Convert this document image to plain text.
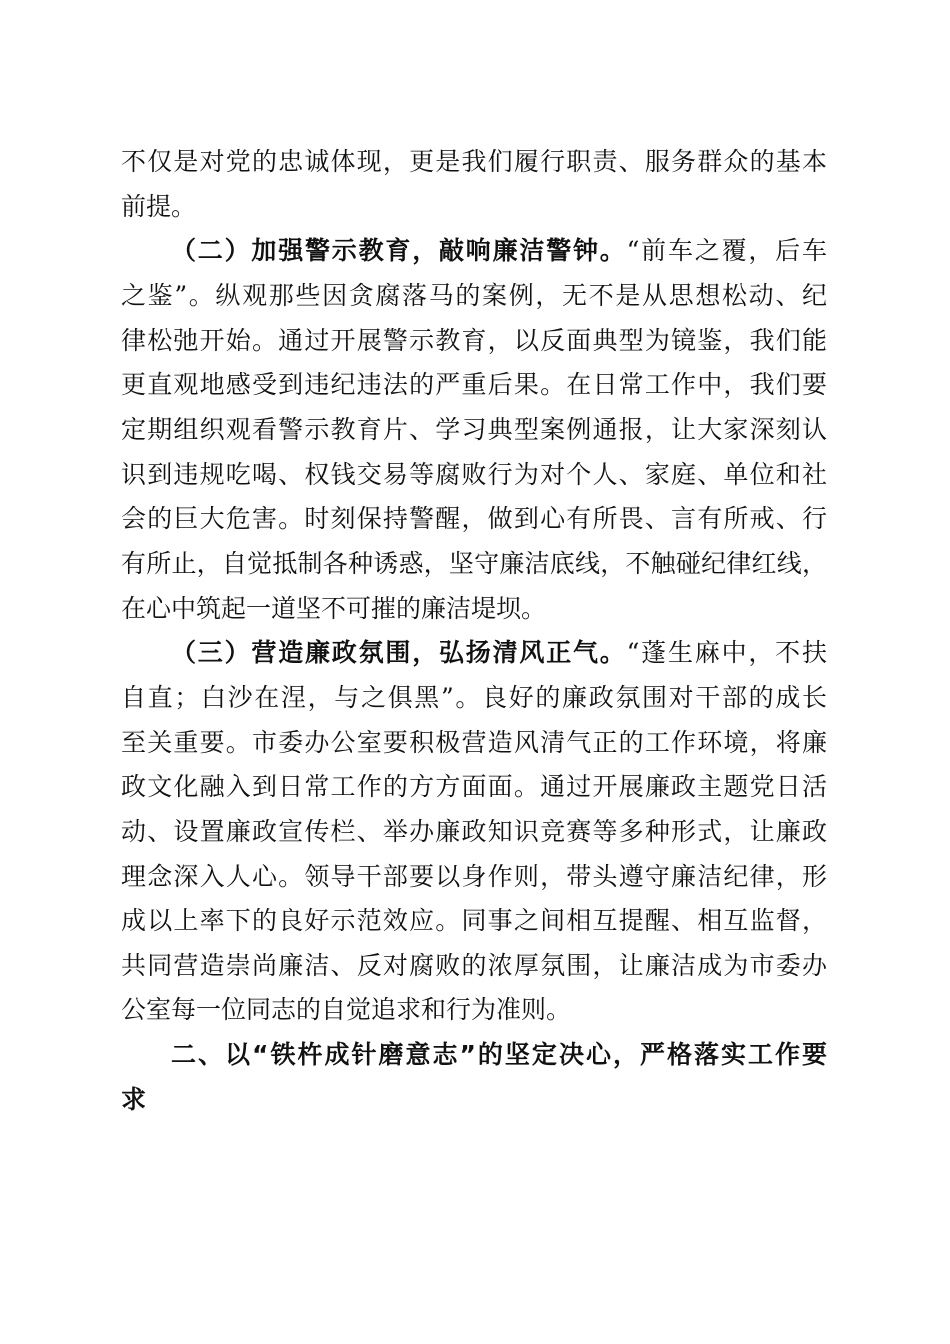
不仅是对党的忠诚体现，更是我们履行职责、服务群众的基本
前提。
（二）加强警示教育，敲响廉洁警钟。“前车之覆，后车
之鉴”。纵观那些因贪腐落马的案例，无不是从思想松动、纪
律松弛开始。通过开展警示教育，以反面典型为镜鉴，我们能
更直观地感受到违纪违法的严重后果。在日常工作中，我们要
定期组织观看警示教育片、学习典型案例通报，让大家深刻认
识到违规吃喝、权钱交易等腐败行为对个人、家庭、单位和社
会的巨大危害。时刻保持警醒，做到心有所畏、言有所戒、行
有所止，自觉抵制各种诱惑，坚守廉洁底线，不触碰纪律红线，
在心中筑起一道坚不可摧的廉洁堤坝。
（三）营造廉政氛围，弘扬清风正气。“蓬生麻中，不扶
自直；白沙在涅，与之俱黑”。良好的廉政氛围对干部的成长
至关重要。市委办公室要积极营造风清气正的工作环境，将廉
政文化融入到日常工作的方方面面。通过开展廉政主题党日活
动、设置廉政宣传栏、举办廉政知识竞赛等多种形式，让廉政
理念深入人心。领导干部要以身作则，带头遵守廉洁纪律，形
成以上率下的良好示范效应。同事之间相互提醒、相互监督，
共同营造崇尚廉洁、反对腐败的浓厚氛围，让廉洁成为市委办
公室每一位同志的自觉追求和行为准则。
二、以“铁杵成针磨意志”的坚定决心，严格落实工作要
求
